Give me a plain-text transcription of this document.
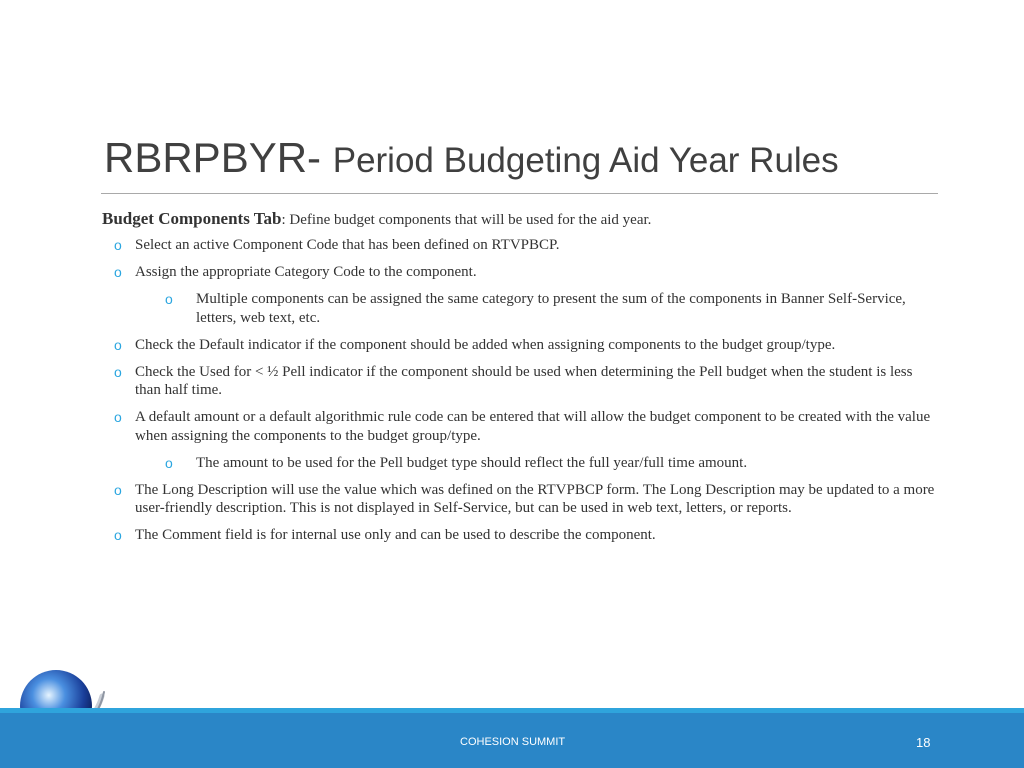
RBRPBYR- Period Budgeting Aid Year Rules

Budget Components Tab: Define budget components that will be used for the aid year.

o Select an active Component Code that has been defined on RTVPBCP.
o Assign the appropriate Category Code to the component.
o Multiple components can be assigned the same category to present the sum of the components in Banner Self-Service, letters, web text, etc.
o Check the Default indicator if the component should be added when assigning components to the budget group/type.
o Check the Used for < ½ Pell indicator if the component should be used when determining the Pell budget when the student is less than half time.
o A default amount or a default algorithmic rule code can be entered that will allow the budget component to be created with the value when assigning the components to the budget group/type.
o The amount to be used for the Pell budget type should reflect the full year/full time amount.
o The Long Description will use the value which was defined on the RTVPBCP form. The Long Description may be updated to a more user-friendly description. This is not displayed in Self-Service, but can be used in web text, letters, or reports.
o The Comment field is for internal use only and can be used to describe the component.
COHESION SUMMIT	18
